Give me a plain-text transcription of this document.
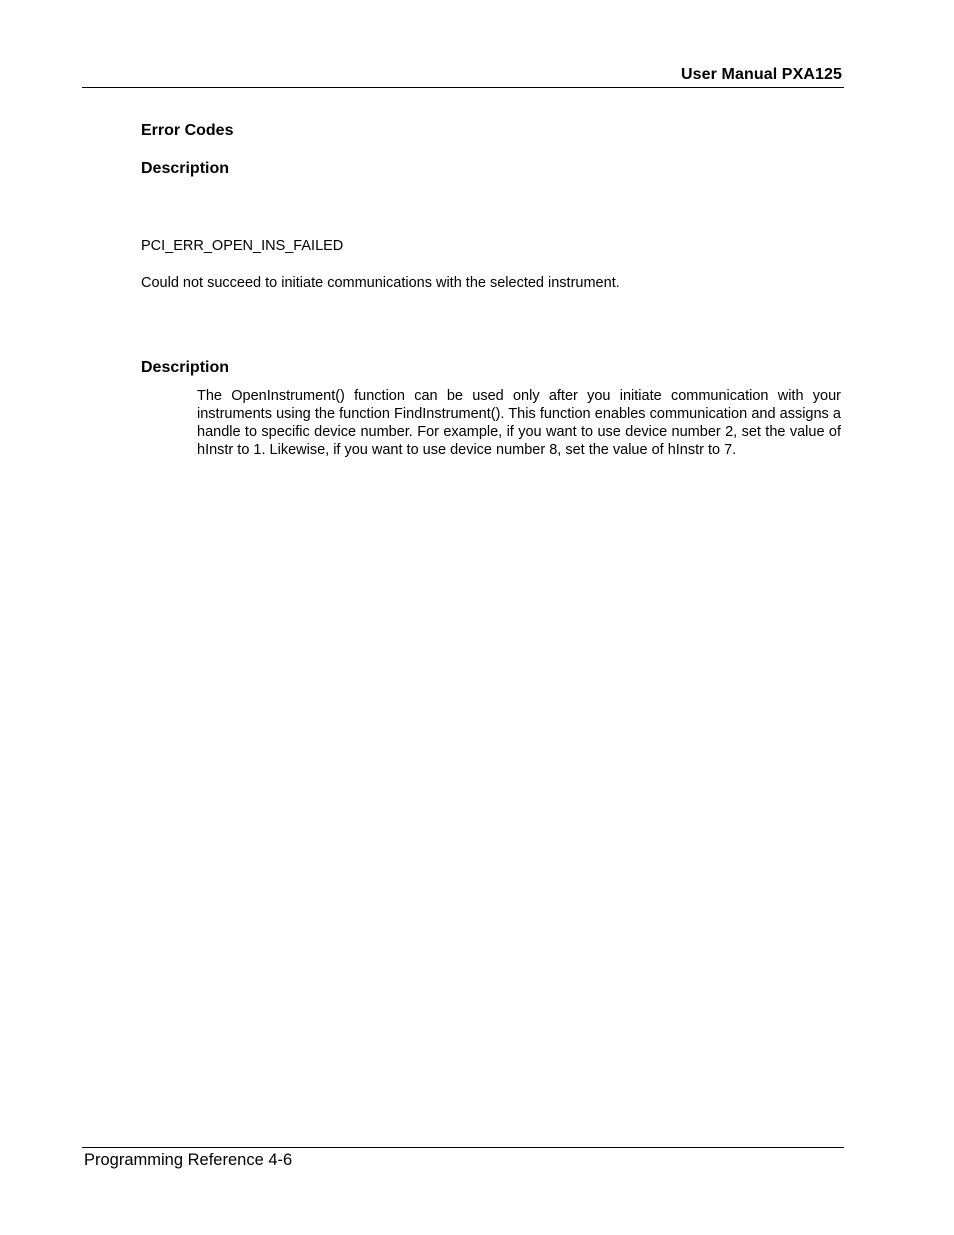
User Manual PXA125
Error Codes
Description
PCI_ERR_OPEN_INS_FAILED
Could not succeed to initiate communications with the selected instrument.
Description
The OpenInstrument() function can be used only after you initiate communication with your instruments using the function FindInstrument(). This function enables communication and assigns a handle to specific device number. For example, if you want to use device number 2, set the value of hInstr to 1. Likewise, if you want to use device number 8, set the value of hInstr to 7.
Programming Reference 4-6
